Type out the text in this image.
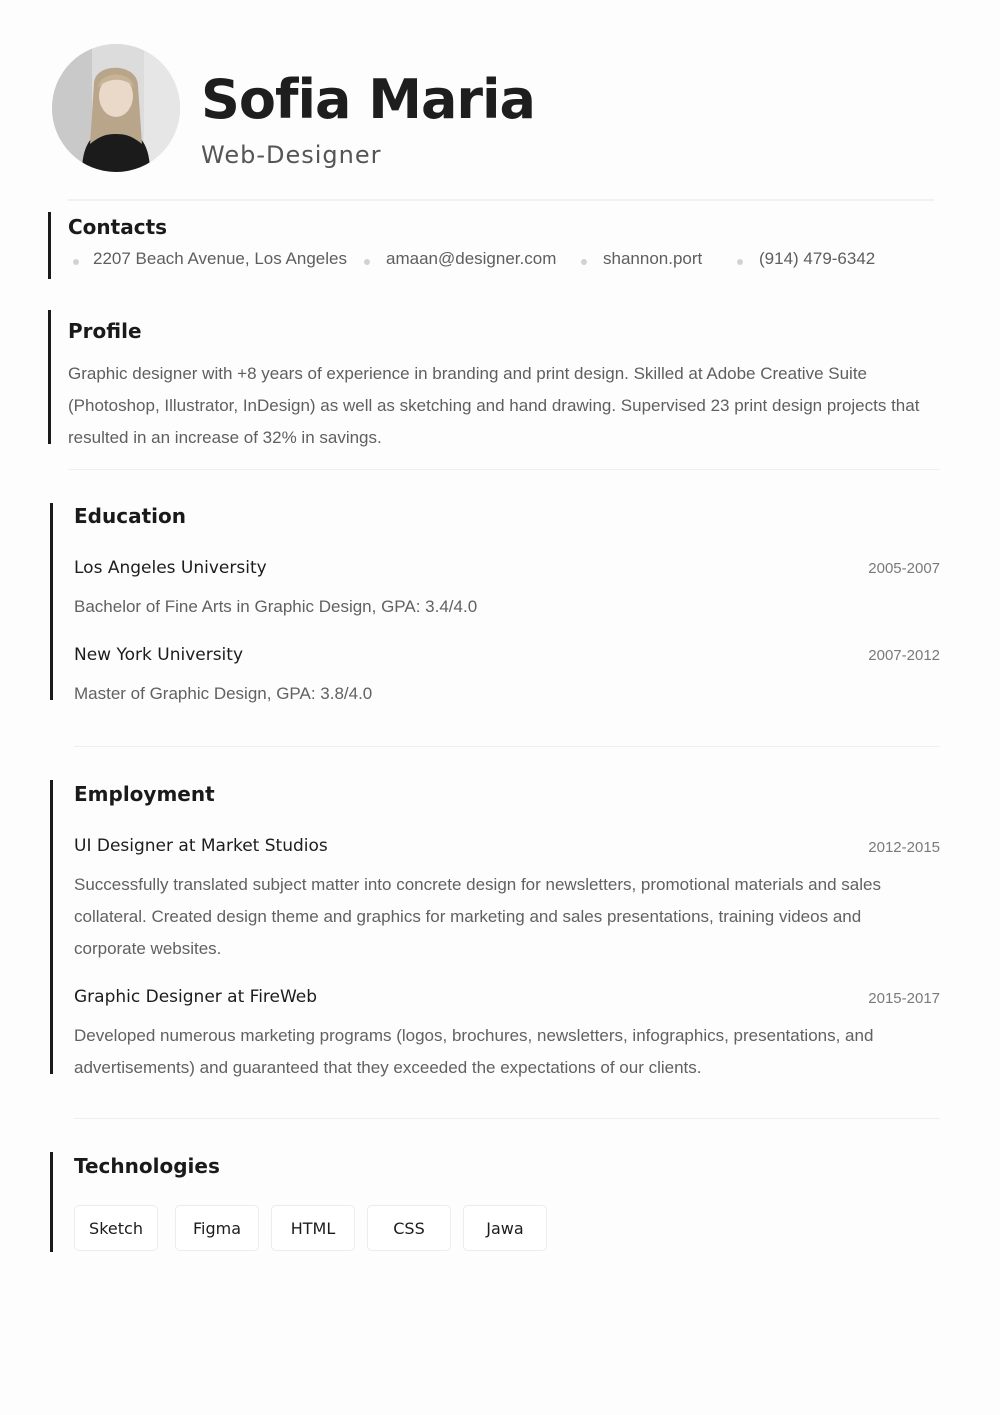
Sofia Maria
Web-Designer
Contacts
2207 Beach Avenue, Los Angeles amaan@designer.com	shannon.port	(914) 479-6342
Profile
Graphic designer with +8 years of experience in branding and print design. Skilled at Adobe Creative Suite
(Photoshop, Illustrator, InDesign) as well as sketching and hand drawing. Supervised 23 print design projects that
resulted in an increase of 32% in savings.
Education
Los Angeles University	2005-2007
Bachelor of Fine Arts in Graphic Design, GPA: 3.4/4.0
New York University	2007-2012
Master of Graphic Design, GPA: 3.8/4.0
Employment
UI Designer at Market Studios	2012-2015
Successfully translated subject matter into concrete design for newsletters, promotional materials and sales
collateral. Created design theme and graphics for marketing and sales presentations, training videos and
corporate websites.
Graphic Designer at FireWeb	2015-2017
Developed numerous marketing programs (logos, brochures, newsletters, infographics, presentations, and
advertisements) and guaranteed that they exceeded the expectations of our clients.
Technologies
Sketch	Figma	HTML	CSS	Jawa
